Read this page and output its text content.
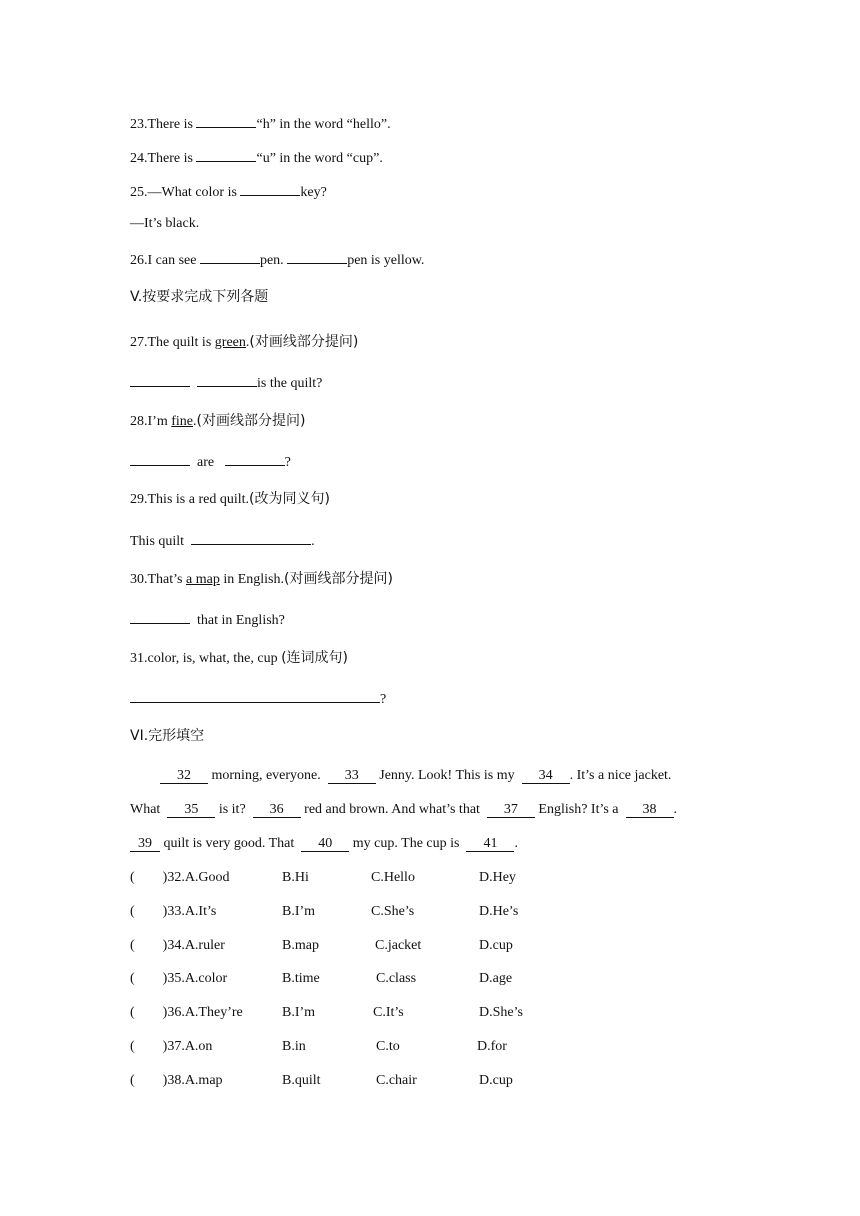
23.There is	“h” in the word “hello”.
24.There is	“u” in the word “cup”.
25.—What color is	key?
—It’s black.
26.I can see	pen.	pen is yellow.
V.按要求完成下列各题
27.The quilt is green.(对画线部分提问)
is the quilt?
28.I’m fine.(对画线部分提问)
are	?
29.This is a red quilt.(改为同义句)
This quilt	.
30.That’s a map in English.(对画线部分提问)
that in English?
31.color, is, what, the, cup (连词成句)
?
VI.完形填空
32 morning, everyone.  33 Jenny. Look! This is my  34 . It’s a nice jacket.
What  35 is it?  36 red and brown. And what’s that  37 English? It’s a  38 .
39 quilt is very good. That  40 my cup. The cup is  41 .
(　　)32.A.Good	B.Hi	C.Hello	D.Hey
(　　)33.A.It’s	B.I’m	C.She’s	D.He’s
(　　)34.A.ruler	B.map	C.jacket	D.cup
(　　)35.A.color	B.time	C.class	D.age
(　　)36.A.They’re	B.I’m	C.It’s	D.She’s
(　　)37.A.on	B.in	C.to	D.for
(　　)38.A.map	B.quilt	C.chair	D.cup
